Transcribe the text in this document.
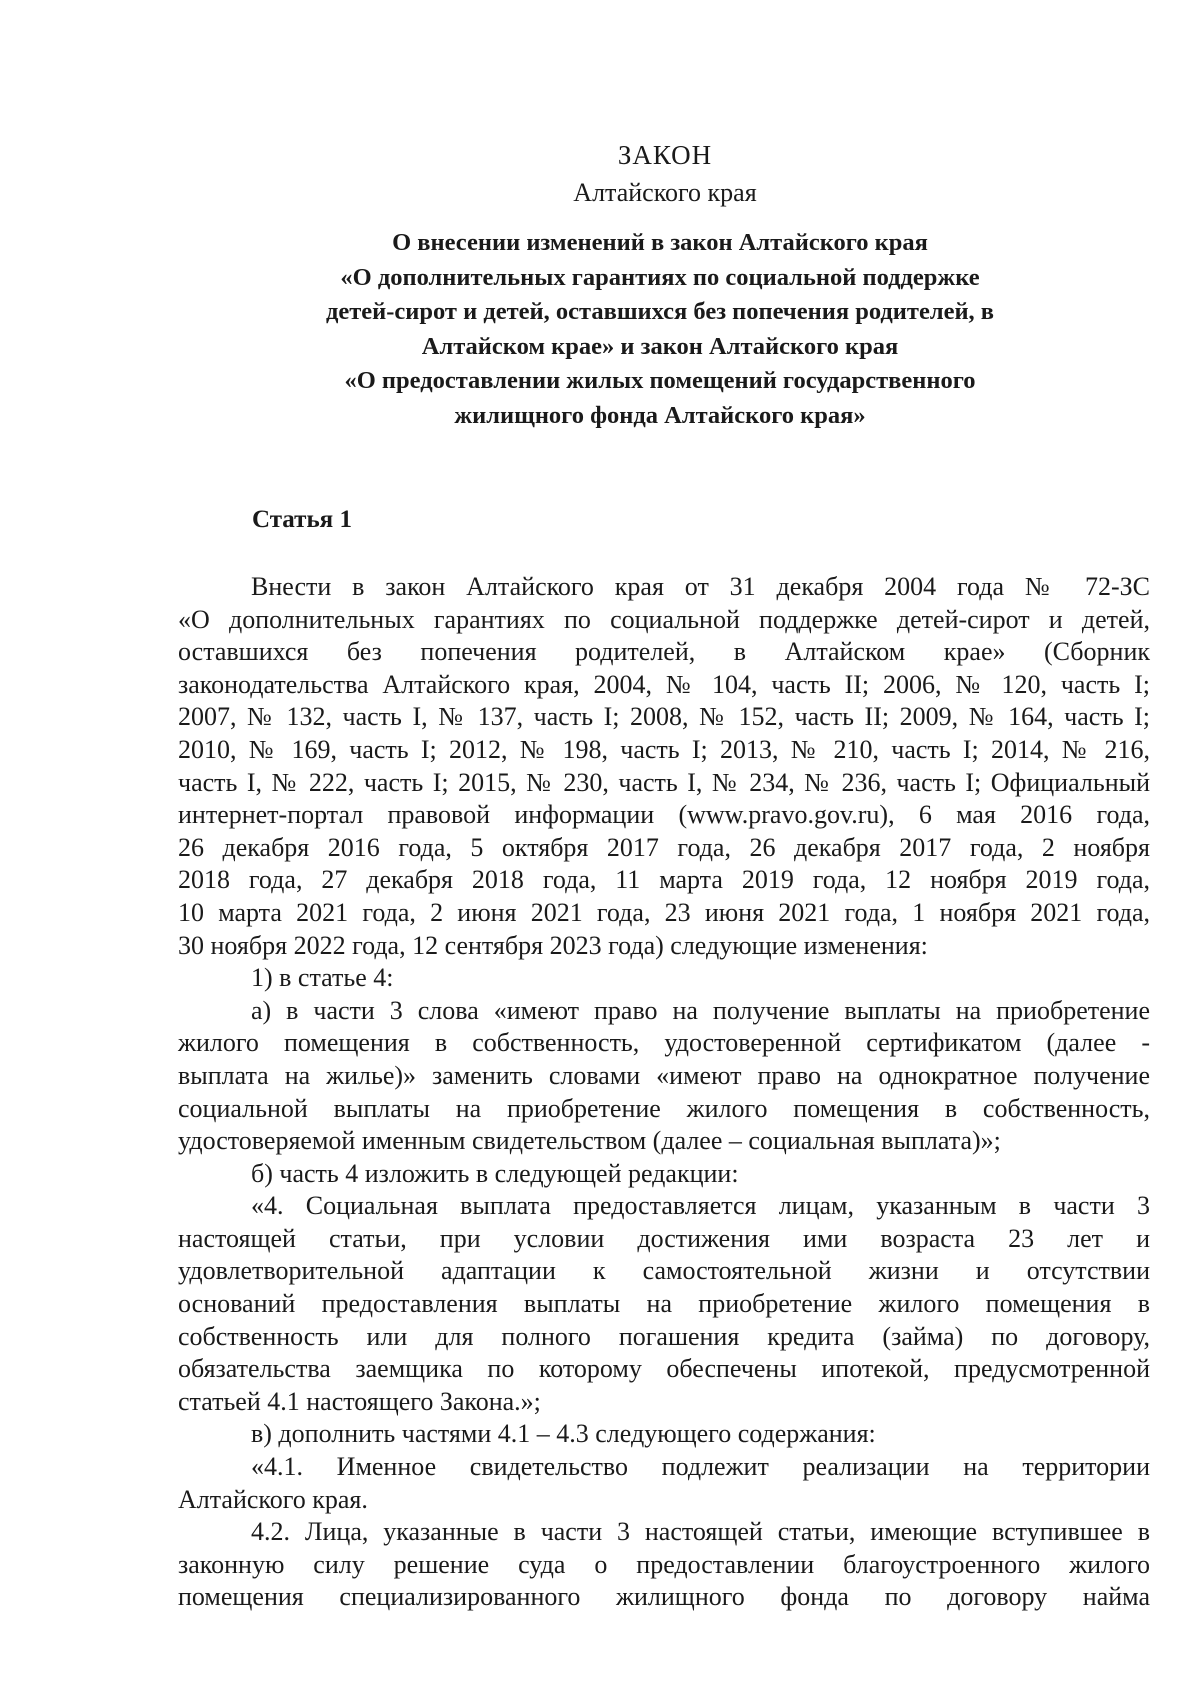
ЗАКОН
Алтайского края
О внесении изменений в закон Алтайского края
«О дополнительных гарантиях по социальной поддержке
детей-сирот и детей, оставшихся без попечения родителей, в
Алтайском крае» и закон Алтайского края
«О предоставлении жилых помещений государственного
жилищного фонда Алтайского края»
Статья 1
Внести в закон Алтайского края от 31 декабря 2004 года № 72-ЗС
«О дополнительных гарантиях по социальной поддержке детей-сирот и детей,
оставшихся без попечения родителей, в Алтайском крае» (Сборник
законодательства Алтайского края, 2004, № 104, часть II; 2006, № 120, часть I;
2007, № 132, часть I, № 137, часть I; 2008, № 152, часть II; 2009, № 164, часть I;
2010, № 169, часть I; 2012, № 198, часть I; 2013, № 210, часть I; 2014, № 216,
часть I, № 222, часть I; 2015, № 230, часть I, № 234, № 236, часть I; Официальный
интернет-портал правовой информации (www.pravo.gov.ru), 6 мая 2016 года,
26 декабря 2016 года, 5 октября 2017 года, 26 декабря 2017 года, 2 ноября
2018 года, 27 декабря 2018 года, 11 марта 2019 года, 12 ноября 2019 года,
10 марта 2021 года, 2 июня 2021 года, 23 июня 2021 года, 1 ноября 2021 года,
30 ноября 2022 года, 12 сентября 2023 года) следующие изменения:
1) в статье 4:
а) в части 3 слова «имеют право на получение выплаты на приобретение
жилого помещения в собственность, удостоверенной сертификатом (далее -
выплата на жилье)» заменить словами «имеют право на однократное получение
социальной выплаты на приобретение жилого помещения в собственность,
удостоверяемой именным свидетельством (далее – социальная выплата)»;
б) часть 4 изложить в следующей редакции:
«4. Социальная выплата предоставляется лицам, указанным в части 3
настоящей статьи, при условии достижения ими возраста 23 лет и
удовлетворительной адаптации к самостоятельной жизни и отсутствии
оснований предоставления выплаты на приобретение жилого помещения в
собственность или для полного погашения кредита (займа) по договору,
обязательства заемщика по которому обеспечены ипотекой, предусмотренной
статьей 4.1 настоящего Закона.»;
в) дополнить частями 4.1 – 4.3 следующего содержания:
«4.1. Именное свидетельство подлежит реализации на территории
Алтайского края.
4.2. Лица, указанные в части 3 настоящей статьи, имеющие вступившее в
законную силу решение суда о предоставлении благоустроенного жилого
помещения специализированного жилищного фонда по договору найма
